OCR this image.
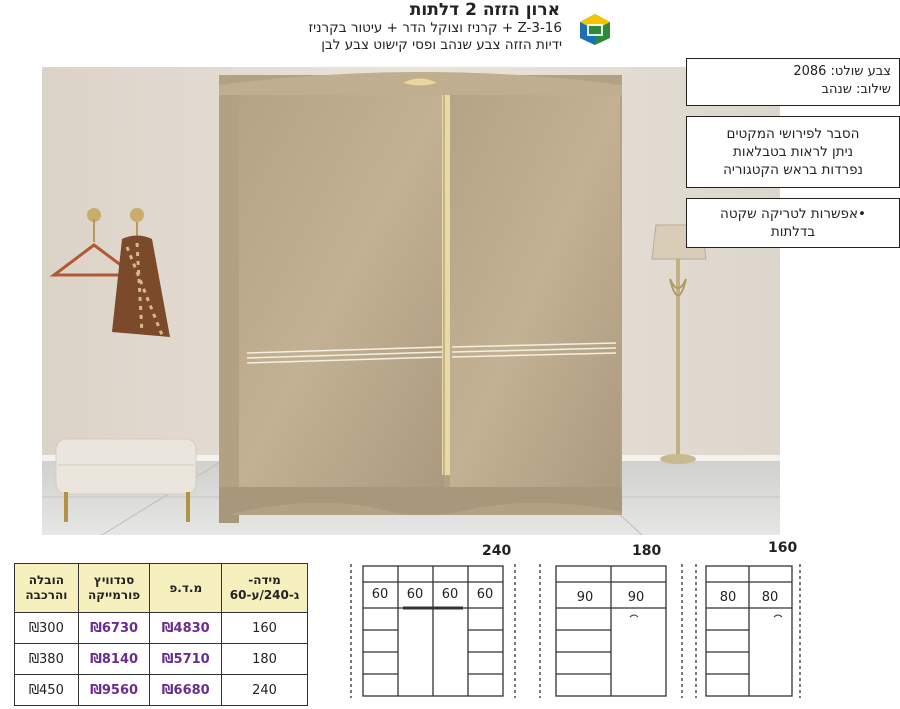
ארון הזזה 2 דלתות
Z-3-16 + קרניז וצוקל הדר + עיטור בקרניז
ידיות הזזה צבע שנהב ופסי קישוט צבע לבן
צבע שולט: 2086
שילוב: שנהב
הסבר לפירושי המקטים
ניתן לראות בטבלאות
נפרדות בראש הקטגוריה
•אפשרות לטריקה שקטה
בדלתות
מידה-
ג-240/ע-60	מ.ד.פ	סנדוויץ
פורמייקה	הובלה
והרכבה
160	₪4830	₪6730	₪300
180	₪5710	₪8140	₪380
240	₪6680	₪9560	₪450
240
60 60 60 60
180
90	90
160
80 80
